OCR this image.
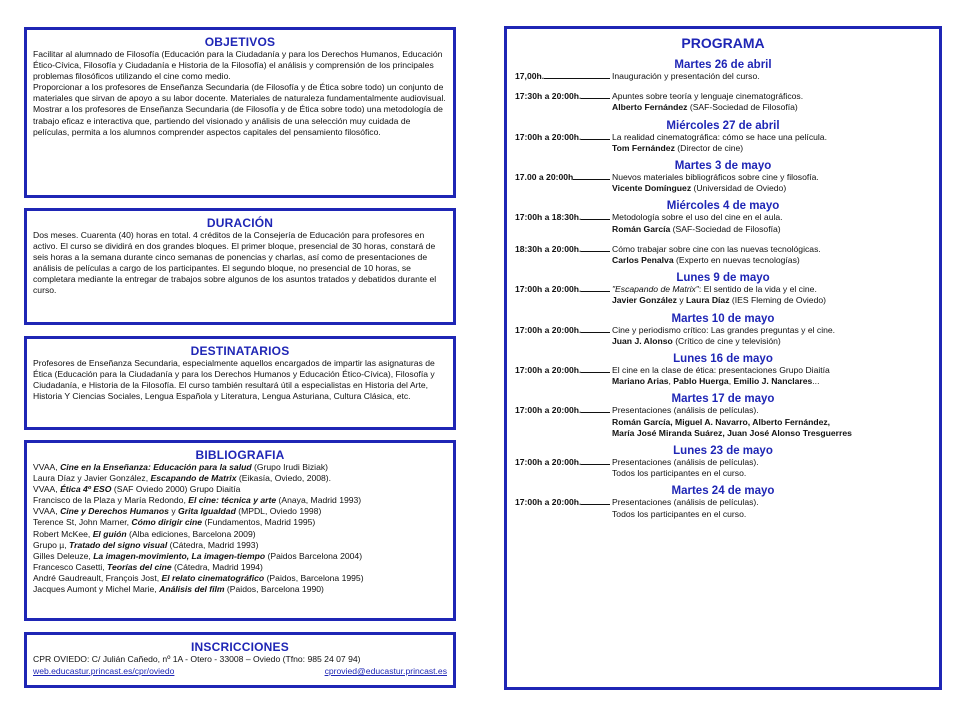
OBJETIVOS

Facilitar al alumnado de Filosofía (Educación para la Ciudadanía y para los Derechos Humanos, Educación Ético-Cívica, Filosofía y Ciudadanía e Historia de la Filosofía) el análisis y comprensión de los principales problemas filosóficos utilizando el cine como medio.

Proporcionar a los profesores de Enseñanza Secundaria (de Filosofía y de Ética sobre todo) un conjunto de materiales que sirvan de apoyo a su labor docente. Materiales de naturaleza fundamentalmente audiovisual.

Mostrar a los profesores de Enseñanza Secundaria (de Filosofía y de Ética sobre todo) una metodología de trabajo eficaz e interactiva que, partiendo del visionado y análisis de una selección muy cuidada de películas, permita a los alumnos comprender aspectos capitales del pensamiento filosófico.

DURACIÓN

Dos meses. Cuarenta (40) horas en total. 4 créditos de la Consejería de Educación para profesores en activo. El curso se dividirá en dos grandes bloques. El primer bloque, presencial de 30 horas, constará de seis horas a la semana durante cinco semanas de ponencias y charlas, así como de presentaciones de análisis de películas a cargo de los participantes. El segundo bloque, no presencial de 10 horas, se completara mediante la entregar de trabajos sobre algunos de los asuntos tratados y debatidos durante el curso.

DESTINATARIOS

Profesores de Enseñanza Secundaria, especialmente aquellos encargados de impartir las asignaturas de Ética (Educación para la Ciudadanía y para los Derechos Humanos y Educación Ético-Cívica), Filosofía y Ciudadanía, e Historia de la Filosofía. El curso también resultará útil a especialistas en Historia del Arte, Historia Y Ciencias Sociales, Lengua Española y Literatura, Lengua Asturiana, Cultura Clásica, etc.

BIBLIOGRAFIA
VVAA, Cine en la Enseñanza: Educación para la salud (Grupo Irudi Biziak)
Laura Díaz y Javier González, Escapando de Matrix (Eikasía, Oviedo, 2008).
VVAA, Ética 4º ESO (SAF Oviedo 2000) Grupo Diaitía
Francisco de la Plaza y María Redondo, El cine: técnica y arte (Anaya, Madrid 1993)
VVAA, Cine y Derechos Humanos y Grita Igualdad (MPDL, Oviedo 1998)
Terence St, John Marner, Cómo dirigir cine (Fundamentos, Madrid 1995)
Robert McKee, El guión (Alba ediciones, Barcelona 2009)
Grupo µ, Tratado del signo visual (Cátedra, Madrid 1993)
Gilles Deleuze, La imagen-movimiento, La imagen-tiempo (Paidos Barcelona 2004)
Francesco Casetti, Teorías del cine (Cátedra, Madrid 1994)
André Gaudreault, François Jost, El relato cinematográfico (Paidos, Barcelona 1995)
Jacques Aumont y Michel Marie, Análisis del film (Paidos, Barcelona 1990)
INSCRICCIONES

CPR OVIEDO: C/ Julián Cañedo, nº 1A - Otero - 33008 – Oviedo (Tfno: 985 24 07 94)

web.educastur.princast.es/cpr/oviedo	cprovied@educastur.princast.es
PROGRAMA
Martes 26 de abril
17,00h.	Inauguración y presentación del curso.
17:30h a 20:00h.	Apuntes sobre teoría y lenguaje cinematográficos.
Alberto Fernández (SAF-Sociedad de Filosofía)
Miércoles 27 de abril
17:00h a 20:00h.	La realidad cinematográfica: cómo se hace una película.
Tom Fernández (Director de cine)
Martes 3 de mayo
17.00 a 20:00h	Nuevos materiales bibliográficos sobre cine y filosofía.
Vicente Domínguez (Universidad de Oviedo)
Miércoles 4 de mayo
17:00h a 18:30h.	Metodología sobre el uso del cine en el aula.
Román García (SAF-Sociedad de Filosofía)
18:30h a 20:00h.	Cómo trabajar sobre cine con las nuevas tecnológicas.
Carlos Penalva (Experto en nuevas tecnologías)
Lunes 9 de mayo
17:00h a 20:00h.	"Escapando de Matrix": El sentido de la vida y el cine.
Javier González y Laura Díaz (IES Fleming de Oviedo)
Martes 10 de mayo
17:00h a 20:00h.	Cine y periodismo crítico: Las grandes preguntas y el cine.
Juan J. Alonso (Crítico de cine y televisión)
Lunes 16 de mayo
17:00h a 20:00h.	El cine en la clase de ética: presentaciones Grupo Diaitía
Mariano Arias, Pablo Huerga, Emilio J. Nanclares...
Martes 17 de mayo
17:00h a 20:00h.	Presentaciones (análisis de películas).
Román García, Miguel A. Navarro, Alberto Fernández,
María José Miranda Suárez, Juan José Alonso Tresguerres
Lunes 23 de mayo
17:00h a 20:00h.	Presentaciones (análisis de películas).
Todos los participantes en el curso.
Martes 24 de mayo
17:00h a 20:00h.	Presentaciones (análisis de películas).
Todos los participantes en el curso.
